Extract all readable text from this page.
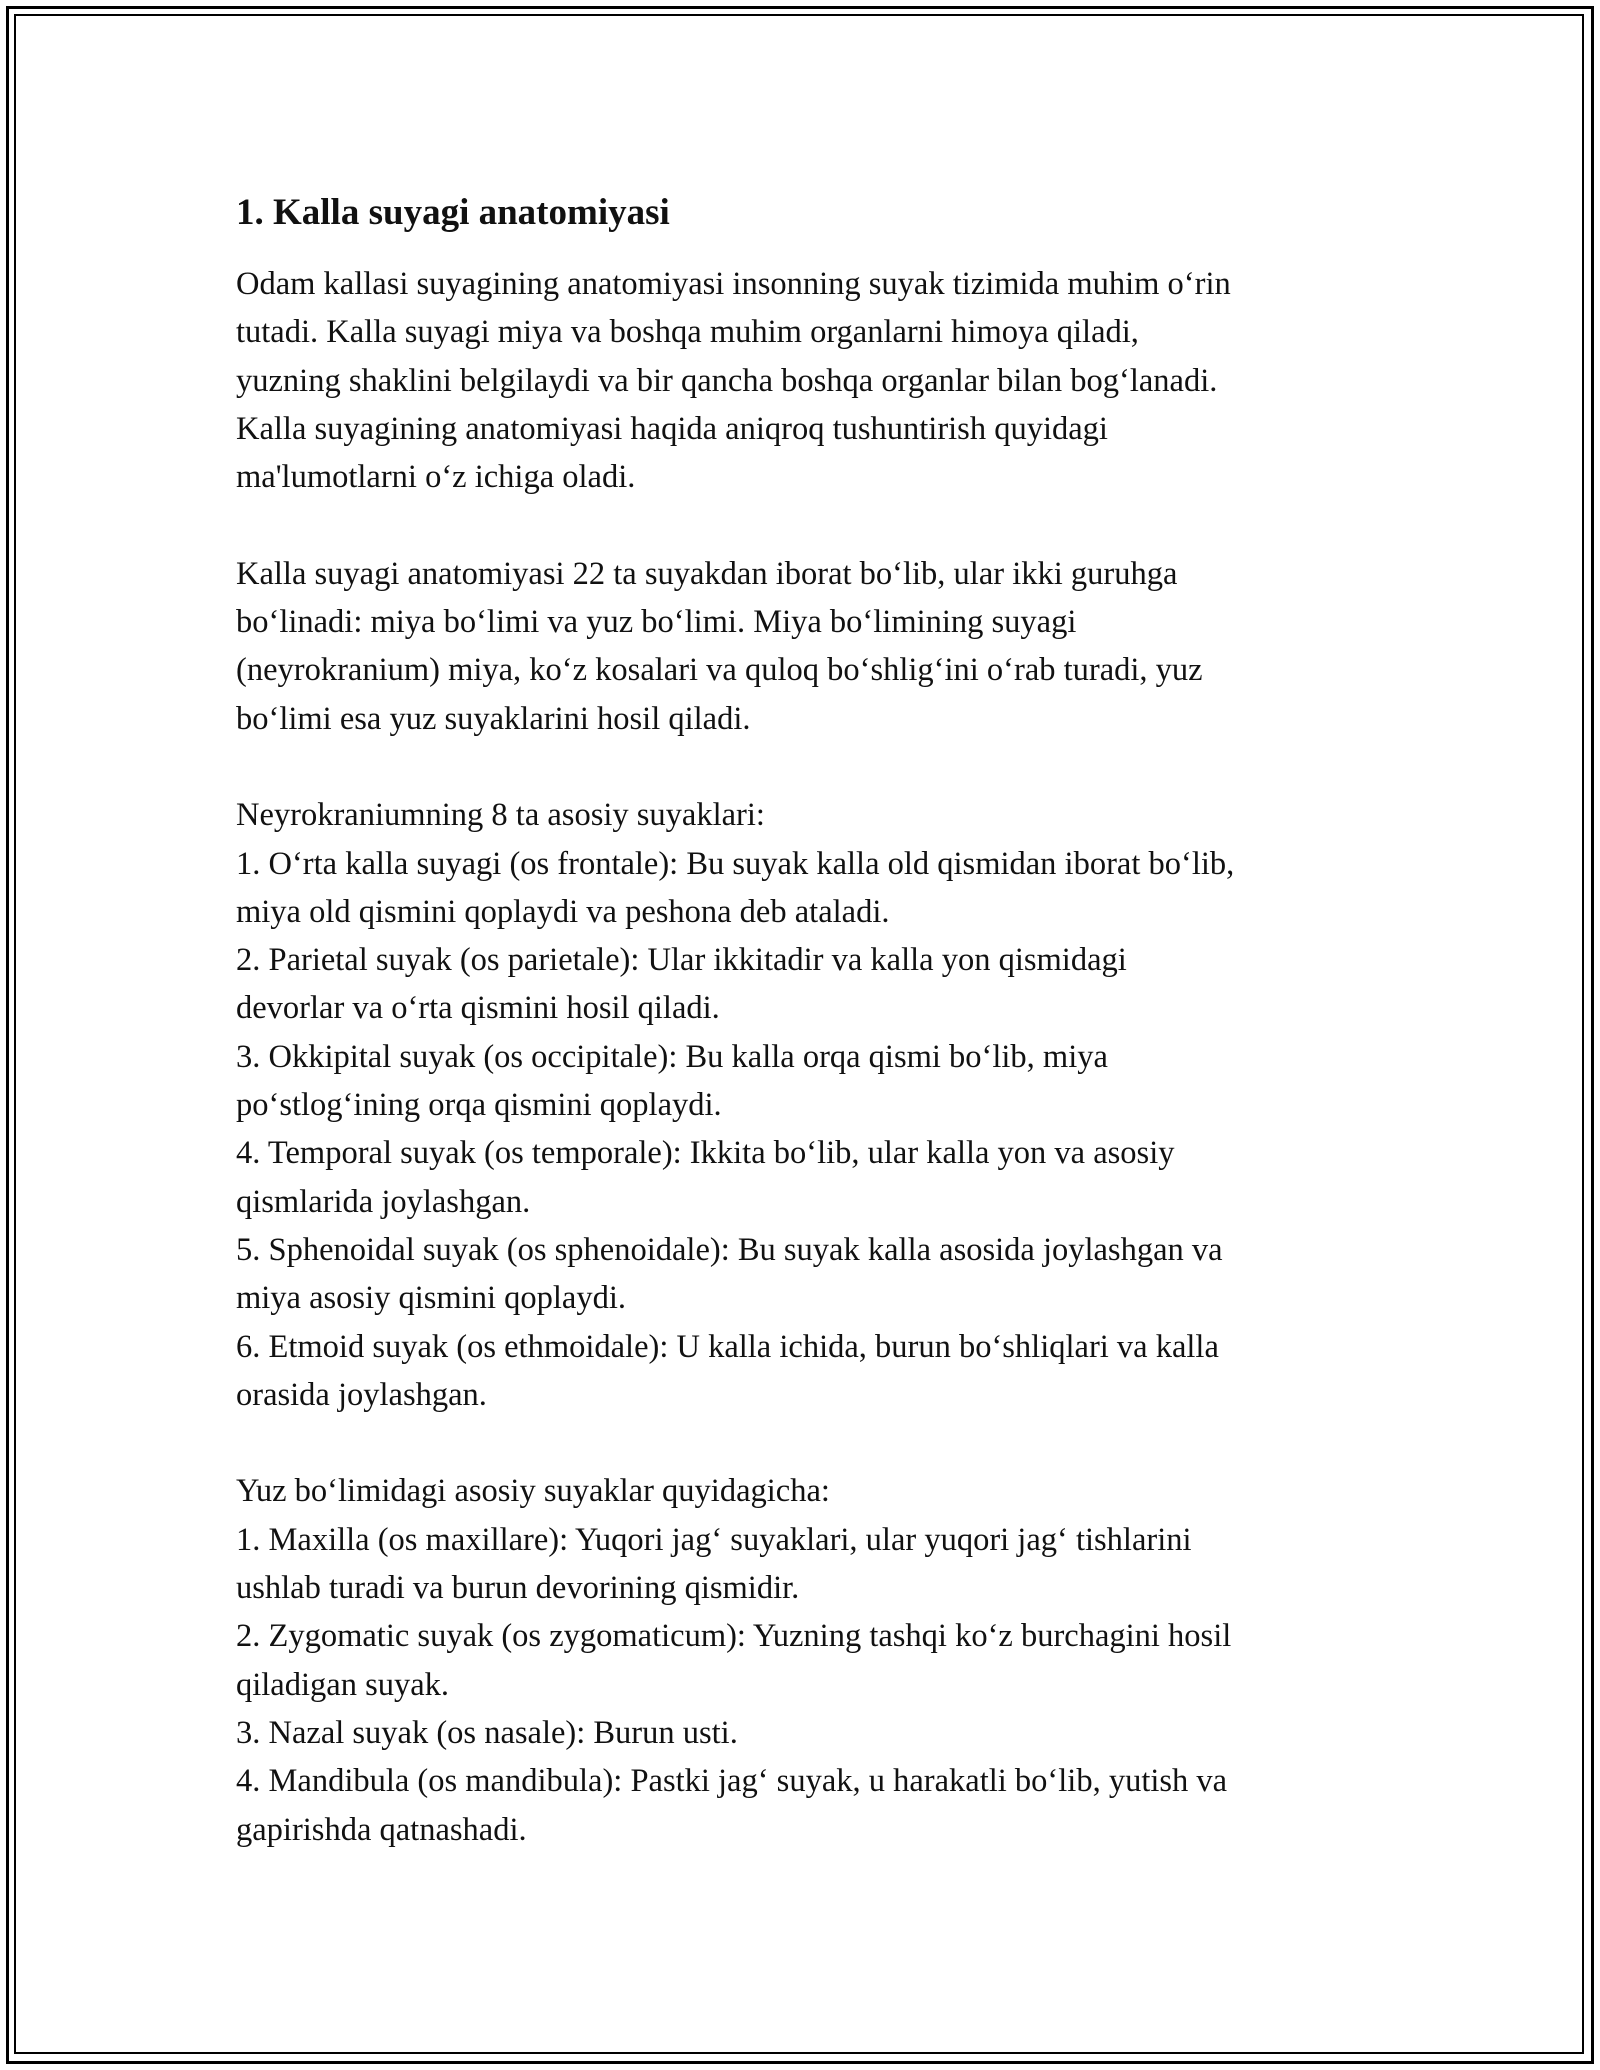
1. Kalla suyagi anatomiyasi

Odam kallasi suyagining anatomiyasi insonning suyak tizimida muhim o‘rin
tutadi. Kalla suyagi miya va boshqa muhim organlarni himoya qiladi,
yuzning shaklini belgilaydi va bir qancha boshqa organlar bilan bog‘lanadi.
Kalla suyagining anatomiyasi haqida aniqroq tushuntirish quyidagi
ma'lumotlarni o‘z ichiga oladi.

Kalla suyagi anatomiyasi 22 ta suyakdan iborat bo‘lib, ular ikki guruhga
bo‘linadi: miya bo‘limi va yuz bo‘limi. Miya bo‘limining suyagi
(neyrokranium) miya, ko‘z kosalari va quloq bo‘shlig‘ini o‘rab turadi, yuz
bo‘limi esa yuz suyaklarini hosil qiladi.

Neyrokraniumning 8 ta asosiy suyaklari:
1. O‘rta kalla suyagi (os frontale): Bu suyak kalla old qismidan iborat bo‘lib,
miya old qismini qoplaydi va peshona deb ataladi.
2. Parietal suyak (os parietale): Ular ikkitadir va kalla yon qismidagi
devorlar va o‘rta qismini hosil qiladi.
3. Okkipital suyak (os occipitale): Bu kalla orqa qismi bo‘lib, miya
po‘stlog‘ining orqa qismini qoplaydi.
4. Temporal suyak (os temporale): Ikkita bo‘lib, ular kalla yon va asosiy
qismlarida joylashgan.
5. Sphenoidal suyak (os sphenoidale): Bu suyak kalla asosida joylashgan va
miya asosiy qismini qoplaydi.
6. Etmoid suyak (os ethmoidale): U kalla ichida, burun bo‘shliqlari va kalla
orasida joylashgan.

Yuz bo‘limidagi asosiy suyaklar quyidagicha:
1. Maxilla (os maxillare): Yuqori jag‘ suyaklari, ular yuqori jag‘ tishlarini
ushlab turadi va burun devorining qismidir.
2. Zygomatic suyak (os zygomaticum): Yuzning tashqi ko‘z burchagini hosil
qiladigan suyak.
3. Nazal suyak (os nasale): Burun usti.
4. Mandibula (os mandibula): Pastki jag‘ suyak, u harakatli bo‘lib, yutish va
gapirishda qatnashadi.
